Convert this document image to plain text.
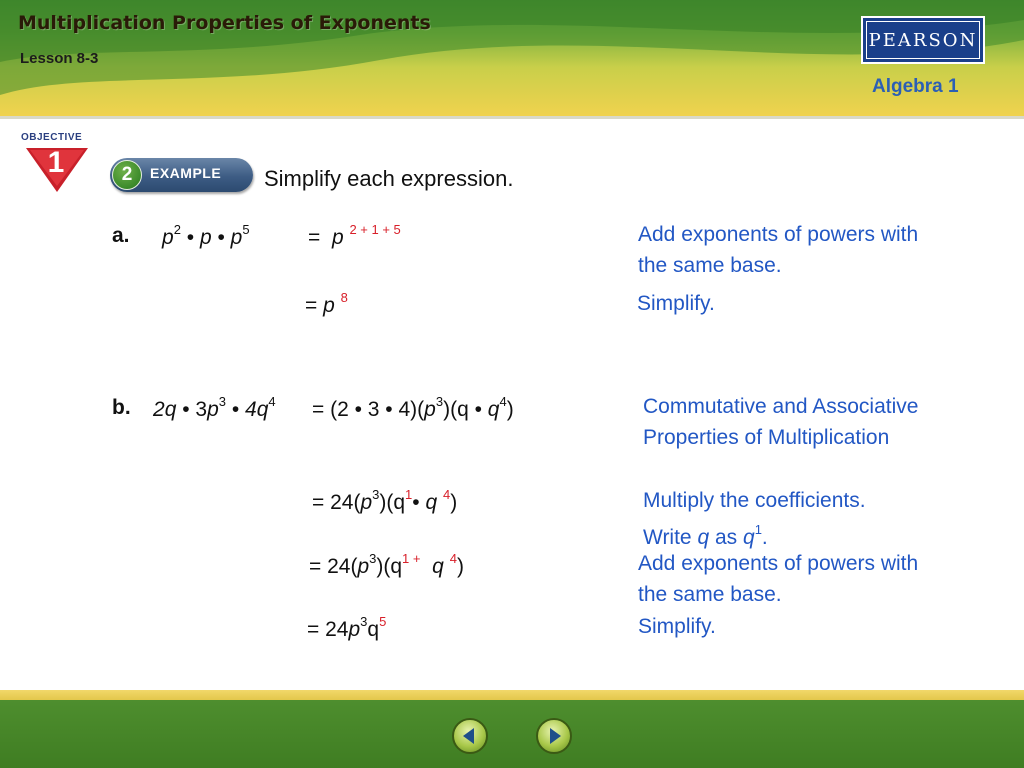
Multiplication Properties of Exponents
Lesson 8-3
PEARSON
Algebra 1
OBJECTIVE
1	2	EXAMPLE Simplify each expression.
a. $p^2$ • p • $p^5$	= p $^{2 + 1 + 5}$	Add exponents of powers with the same base.
= p $^8$	Simplify.
b. 2q • $3p^3$ • $4q^4 = (2$ • 3 • $4)(p^3)(q$ • $q^4$)	Commutative and Associative Properties of Multiplication
= $24(p^3)(q^1•$ q $^4$)	Multiply the coefficients.
Write q as $q^1$.
= $24(p^3)(q^{1 +}$ q $^4$)	Add exponents of powers with the same base.
= $24p^3q^5$	Simplify.
